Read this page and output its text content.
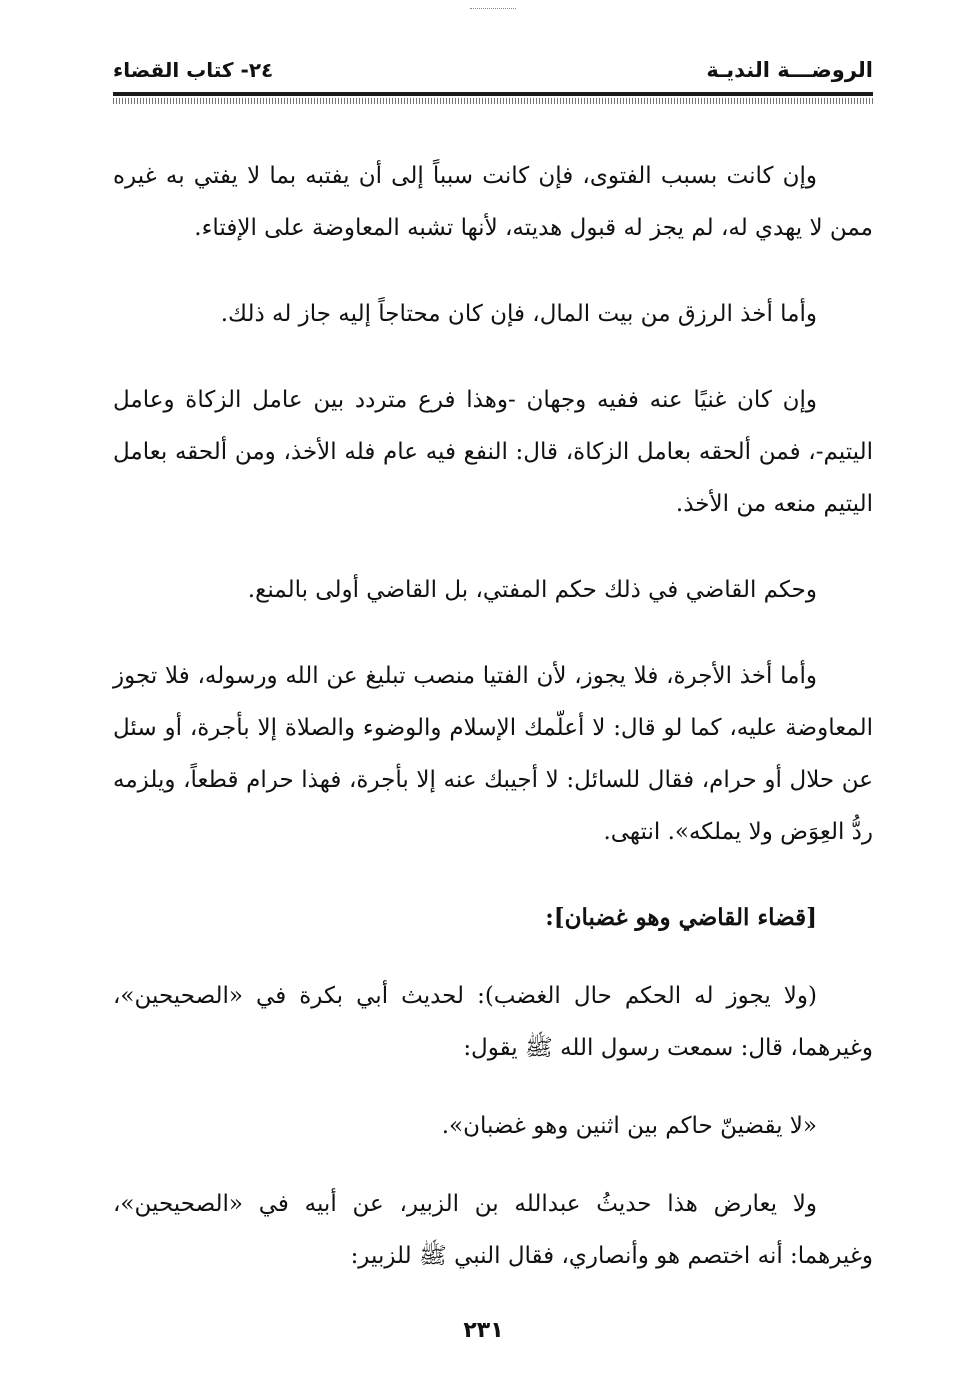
الروضـــة النديـة
٢٤- كتاب القضاء

وإن كانت بسبب الفتوى، فإن كانت سبباً إلى أن يفتبه بما لا يفتي به غيره ممن لا يهدي له، لم يجز له قبول هديته، لأنها تشبه المعاوضة على الإفتاء.

وأما أخذ الرزق من بيت المال، فإن كان محتاجاً إليه جاز له ذلك.

وإن كان غنيًا عنه ففيه وجهان -وهذا فرع متردد بين عامل الزكاة وعامل اليتيم-، فمن ألحقه بعامل الزكاة، قال: النفع فيه عام فله الأخذ، ومن ألحقه بعامل اليتيم منعه من الأخذ.

وحكم القاضي في ذلك حكم المفتي، بل القاضي أولى بالمنع.

وأما أخذ الأجرة، فلا يجوز، لأن الفتيا منصب تبليغ عن الله ورسوله، فلا تجوز المعاوضة عليه، كما لو قال: لا أعلّمك الإسلام والوضوء والصلاة إلا بأجرة، أو سئل عن حلال أو حرام، فقال للسائل: لا أجيبك عنه إلا بأجرة، فهذا حرام قطعاً، ويلزمه ردُّ العِوَض ولا يملكه». انتهى.

[قضاء القاضي وهو غضبان]:

(ولا يجوز له الحكم حال الغضب): لحديث أبي بكرة في «الصحيحين»، وغيرهما، قال: سمعت رسول الله ﷺ يقول:

«لا يقضينّ حاكم بين اثنين وهو غضبان».

ولا يعارض هذا حديثُ عبدالله بن الزبير، عن أبيه في «الصحيحين»، وغيرهما: أنه اختصم هو وأنصاري، فقال النبي ﷺ للزبير:

٢٣١
